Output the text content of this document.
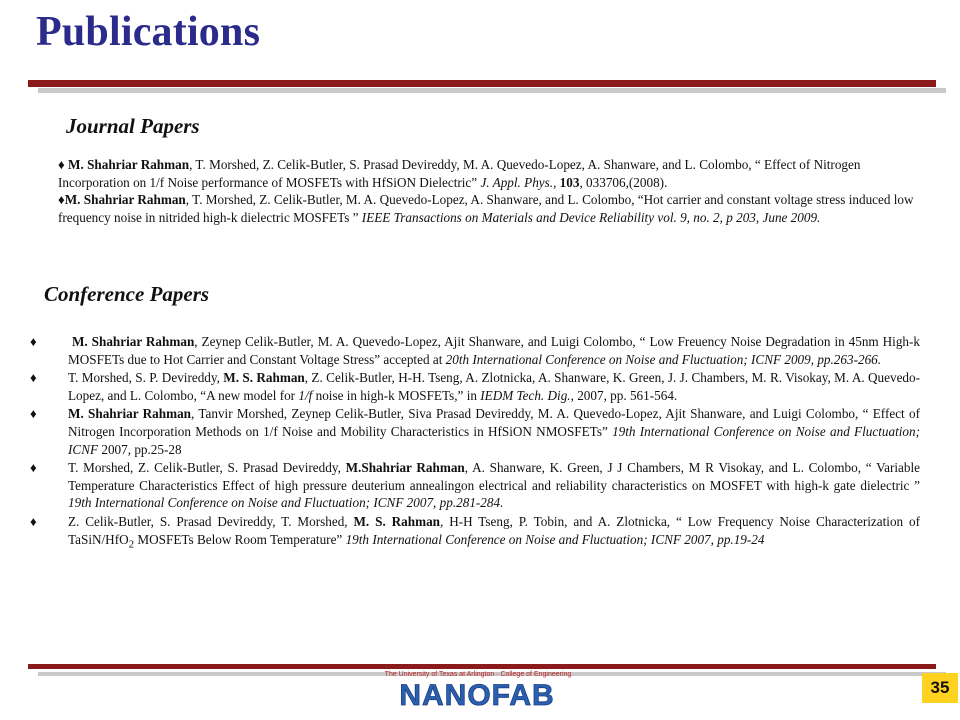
Publications
Journal Papers

♦ M. Shahriar Rahman, T. Morshed, Z. Celik-Butler, S. Prasad Devireddy, M. A. Quevedo-Lopez, A. Shanware, and L. Colombo, “ Effect of Nitrogen Incorporation on 1/f Noise performance of MOSFETs with HfSiON Dielectric” J. Appl. Phys., 103, 033706,(2008).

♦M. Shahriar Rahman, T. Morshed, Z. Celik-Butler, M. A. Quevedo-Lopez, A. Shanware, and L. Colombo, “Hot carrier and constant voltage stress induced low frequency noise in nitrided high-k dielectric MOSFETs ” IEEE Transactions on Materials and Device Reliability vol. 9, no. 2, p 203, June 2009.

Conference Papers
♦	M. Shahriar Rahman, Zeynep Celik-Butler, M. A. Quevedo-Lopez, Ajit Shanware, and Luigi Colombo, “ Low Freuency Noise Degradation in 45nm High-k MOSFETs due to Hot Carrier and Constant Voltage Stress” accepted at 20th International Conference on Noise and Fluctuation; ICNF 2009, pp.263-266.
♦	T. Morshed, S. P. Devireddy, M. S. Rahman, Z. Celik-Butler, H-H. Tseng, A. Zlotnicka, A. Shanware, K. Green, J. J. Chambers, M. R. Visokay, M. A. Quevedo-Lopez, and L. Colombo, “A new model for 1/f noise in high-k MOSFETs,” in IEDM Tech. Dig., 2007, pp. 561-564.
♦	M. Shahriar Rahman, Tanvir Morshed, Zeynep Celik-Butler, Siva Prasad Devireddy, M. A. Quevedo-Lopez, Ajit Shanware, and Luigi Colombo, “ Effect of Nitrogen Incorporation Methods on 1/f Noise and Mobility Characteristics in HfSiON NMOSFETs” 19th International Conference on Noise and Fluctuation; ICNF 2007, pp.25-28
♦	T. Morshed, Z. Celik-Butler, S. Prasad Devireddy, M.Shahriar Rahman, A. Shanware, K. Green, J J Chambers, M R Visokay, and L. Colombo, “ Variable Temperature Characteristics Effect of high pressure deuterium annealingon electrical and reliability characteristics on MOSFET with high-k gate dielectric ” 19th International Conference on Noise and Fluctuation; ICNF 2007, pp.281-284.
♦	Z. Celik-Butler, S. Prasad Devireddy, T. Morshed, M. S. Rahman, H-H Tseng, P. Tobin, and A. Zlotnicka, “ Low Frequency Noise Characterization of TaSiN/HfO$_2$ MOSFETs Below Room Temperature” 19th International Conference on Noise and Fluctuation; ICNF 2007, pp.19-24
The University of Texas at Arlington · College of Engineering
NANOFAB	35
